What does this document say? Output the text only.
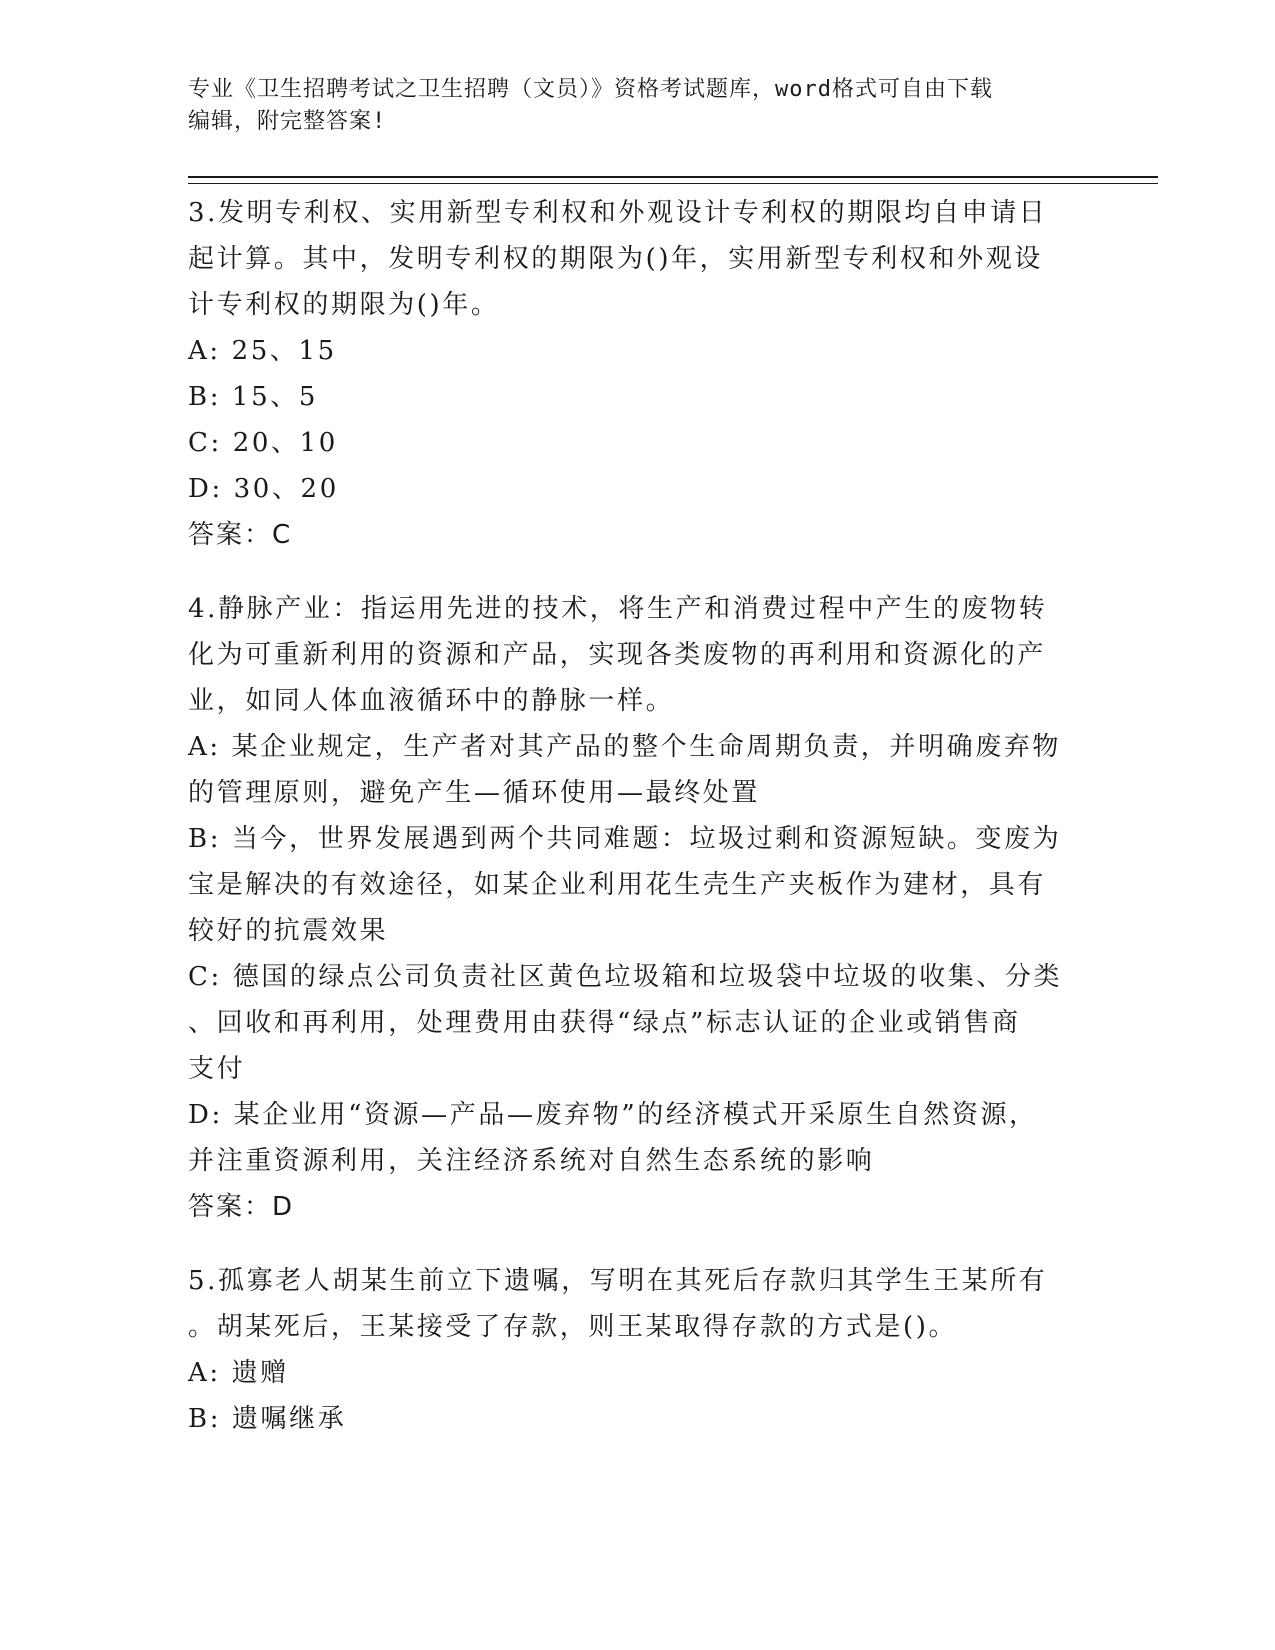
专业《卫生招聘考试之卫生招聘（文员）》资格考试题库，word格式可自由下载
编辑，附完整答案!
3.发明专利权、实用新型专利权和外观设计专利权的期限均自申请日
起计算。其中，发明专利权的期限为()年，实用新型专利权和外观设
计专利权的期限为()年。
A: 25、15
B: 15、5
C: 20、10
D: 30、20
答案：C
4.静脉产业：指运用先进的技术，将生产和消费过程中产生的废物转
化为可重新利用的资源和产品，实现各类废物的再利用和资源化的产
业，如同人体血液循环中的静脉一样。
A: 某企业规定，生产者对其产品的整个生命周期负责，并明确废弃物
的管理原则，避免产生—循环使用—最终处置
B: 当今，世界发展遇到两个共同难题：垃圾过剩和资源短缺。变废为
宝是解决的有效途径，如某企业利用花生壳生产夹板作为建材，具有
较好的抗震效果
C: 德国的绿点公司负责社区黄色垃圾箱和垃圾袋中垃圾的收集、分类
、回收和再利用，处理费用由获得“绿点”标志认证的企业或销售商
支付
D: 某企业用“资源—产品—废弃物”的经济模式开采原生自然资源，
并注重资源利用，关注经济系统对自然生态系统的影响
答案：D
5.孤寡老人胡某生前立下遗嘱，写明在其死后存款归其学生王某所有
。胡某死后，王某接受了存款，则王某取得存款的方式是()。
A: 遗赠
B: 遗嘱继承
